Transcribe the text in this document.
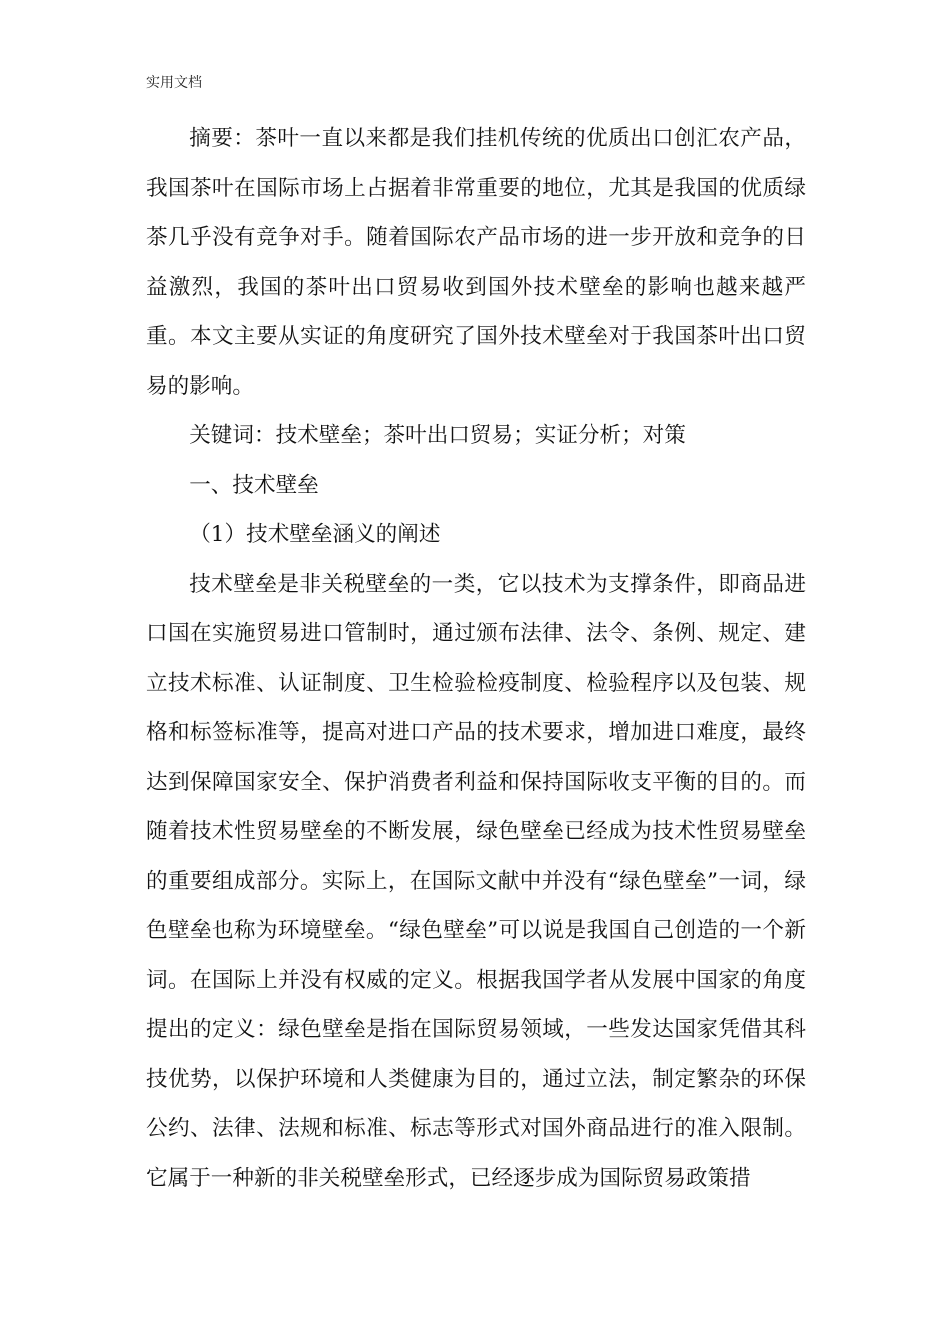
实用文档

摘要：茶叶一直以来都是我们挂机传统的优质出口创汇农产品，我国茶叶在国际市场上占据着非常重要的地位，尤其是我国的优质绿茶几乎没有竞争对手。随着国际农产品市场的进一步开放和竞争的日益激烈，我国的茶叶出口贸易收到国外技术壁垒的影响也越来越严重。本文主要从实证的角度研究了国外技术壁垒对于我国茶叶出口贸易的影响。

关键词：技术壁垒；茶叶出口贸易；实证分析；对策

一、技术壁垒

（1）技术壁垒涵义的阐述

技术壁垒是非关税壁垒的一类，它以技术为支撑条件，即商品进口国在实施贸易进口管制时，通过颁布法律、法令、条例、规定、建立技术标准、认证制度、卫生检验检疫制度、检验程序以及包装、规格和标签标准等，提高对进口产品的技术要求，增加进口难度，最终达到保障国家安全、保护消费者利益和保持国际收支平衡的目的。而随着技术性贸易壁垒的不断发展，绿色壁垒已经成为技术性贸易壁垒的重要组成部分。实际上，在国际文献中并没有“绿色壁垒”一词，绿色壁垒也称为环境壁垒。“绿色壁垒”可以说是我国自己创造的一个新词。在国际上并没有权威的定义。根据我国学者从发展中国家的角度提出的定义：绿色壁垒是指在国际贸易领域，一些发达国家凭借其科技优势，以保护环境和人类健康为目的，通过立法，制定繁杂的环保公约、法律、法规和标准、标志等形式对国外商品进行的准入限制。它属于一种新的非关税壁垒形式，已经逐步成为国际贸易政策措
